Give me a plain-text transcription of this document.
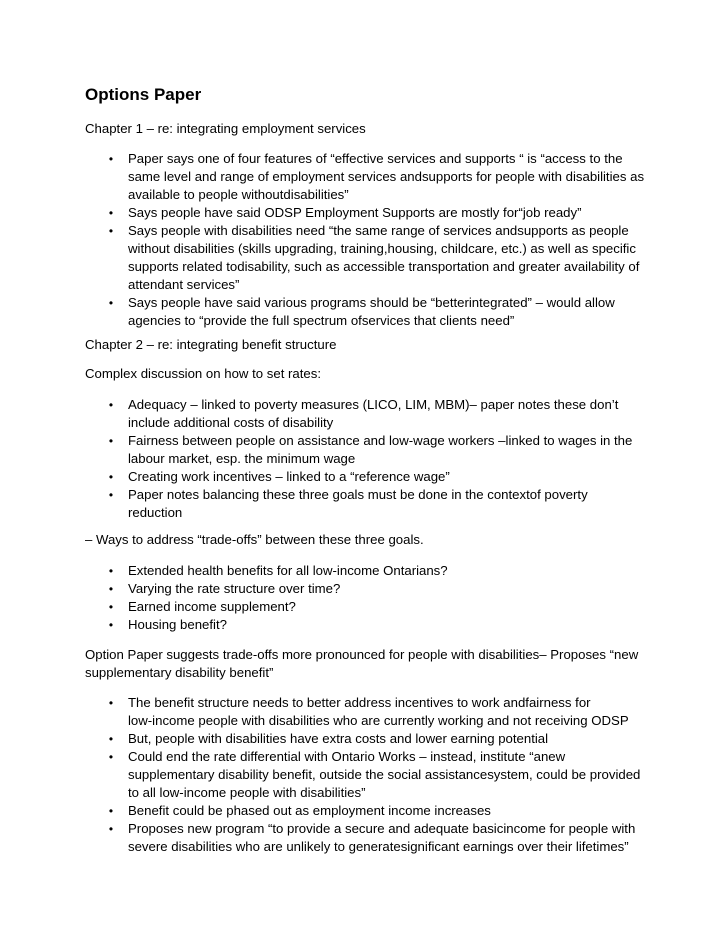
Options Paper
Chapter 1 – re: integrating employment services
• Paper says one of four features of “effective services and supports “ is “access to the
same level and range of employment services andsupports for people with disabilities as
available to people withoutdisabilities”
• Says people have said ODSP Employment Supports are mostly for“job ready”
• Says people with disabilities need “the same range of services andsupports as people
without disabilities (skills upgrading, training,housing, childcare, etc.) as well as specific
supports related todisability, such as accessible transportation and greater availability of
attendant services”
• Says people have said various programs should be “betterintegrated” – would allow
agencies to “provide the full spectrum ofservices that clients need”
Chapter 2 – re: integrating benefit structure
Complex discussion on how to set rates:
• Adequacy – linked to poverty measures (LICO, LIM, MBM)– paper notes these don’t
include additional costs of disability
• Fairness between people on assistance and low-wage workers –linked to wages in the
labour market, esp. the minimum wage
• Creating work incentives – linked to a “reference wage”
• Paper notes balancing these three goals must be done in the contextof poverty
reduction
– Ways to address “trade-offs” between these three goals.
• Extended health benefits for all low-income Ontarians?
• Varying the rate structure over time?
• Earned income supplement?
• Housing benefit?
Option Paper suggests trade-offs more pronounced for people with disabilities– Proposes “new
supplementary disability benefit”
• The benefit structure needs to better address incentives to work andfairness for
low-income people with disabilities who are currently working and not receiving ODSP
• But, people with disabilities have extra costs and lower earning potential
• Could end the rate differential with Ontario Works – instead, institute “anew
supplementary disability benefit, outside the social assistancesystem, could be provided
to all low-income people with disabilities”
• Benefit could be phased out as employment income increases
• Proposes new program “to provide a secure and adequate basicincome for people with
severe disabilities who are unlikely to generatesignificant earnings over their lifetimes”
